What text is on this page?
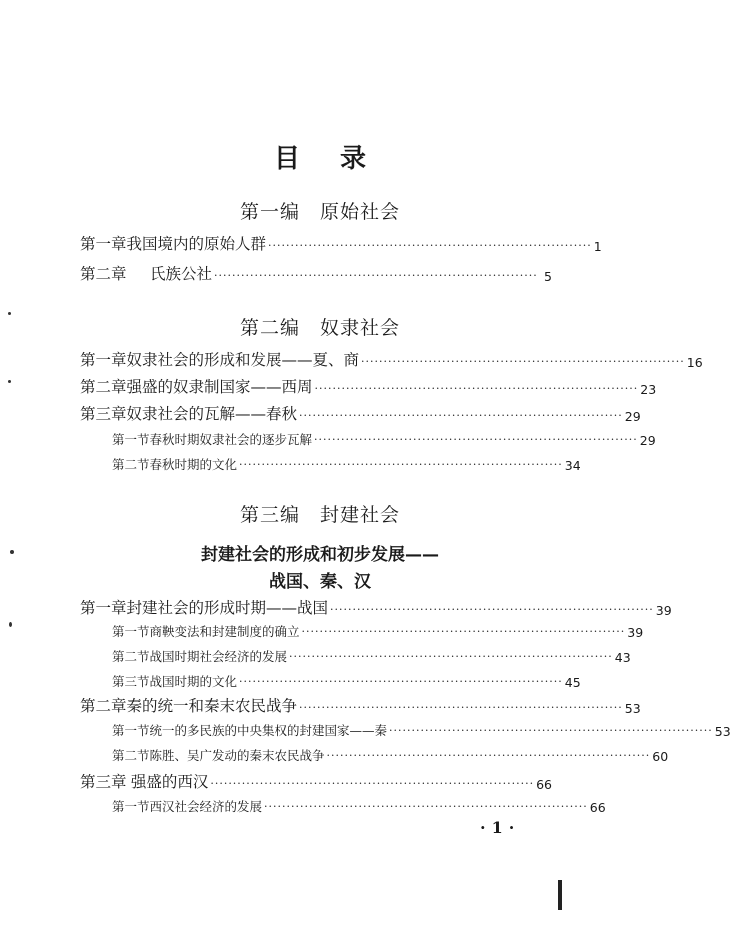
目录
第一编 原始社会
第一章 我国境内的原始人群 ········································································ 1
第二章	氏族公社 ········································································ 5
第二编 奴隶社会
第一章 奴隶社会的形成和发展——夏、商 ········································································ 16
第二章 强盛的奴隶制国家——西周 ········································································ 23
第三章 奴隶社会的瓦解——春秋 ········································································ 29
第一节 春秋时期奴隶社会的逐步瓦解 ········································································ 29
第二节 春秋时期的文化 ········································································ 34
第三编 封建社会
封建社会的形成和初步发展——
战国、秦、汉
第一章 封建社会的形成时期——战国 ········································································ 39
第一节 商鞅变法和封建制度的确立 ········································································ 39
第二节 战国时期社会经济的发展 ········································································ 43
第三节 战国时期的文化 ········································································ 45
第二章 秦的统一和秦末农民战争 ········································································ 53
第一节 统一的多民族的中央集权的封建国家——秦 ········································································ 53
第二节 陈胜、吴广发动的秦末农民战争 ········································································ 60
第三章 强盛的西汉 ········································································ 66
第一节 西汉社会经济的发展 ········································································ 66
·1·
